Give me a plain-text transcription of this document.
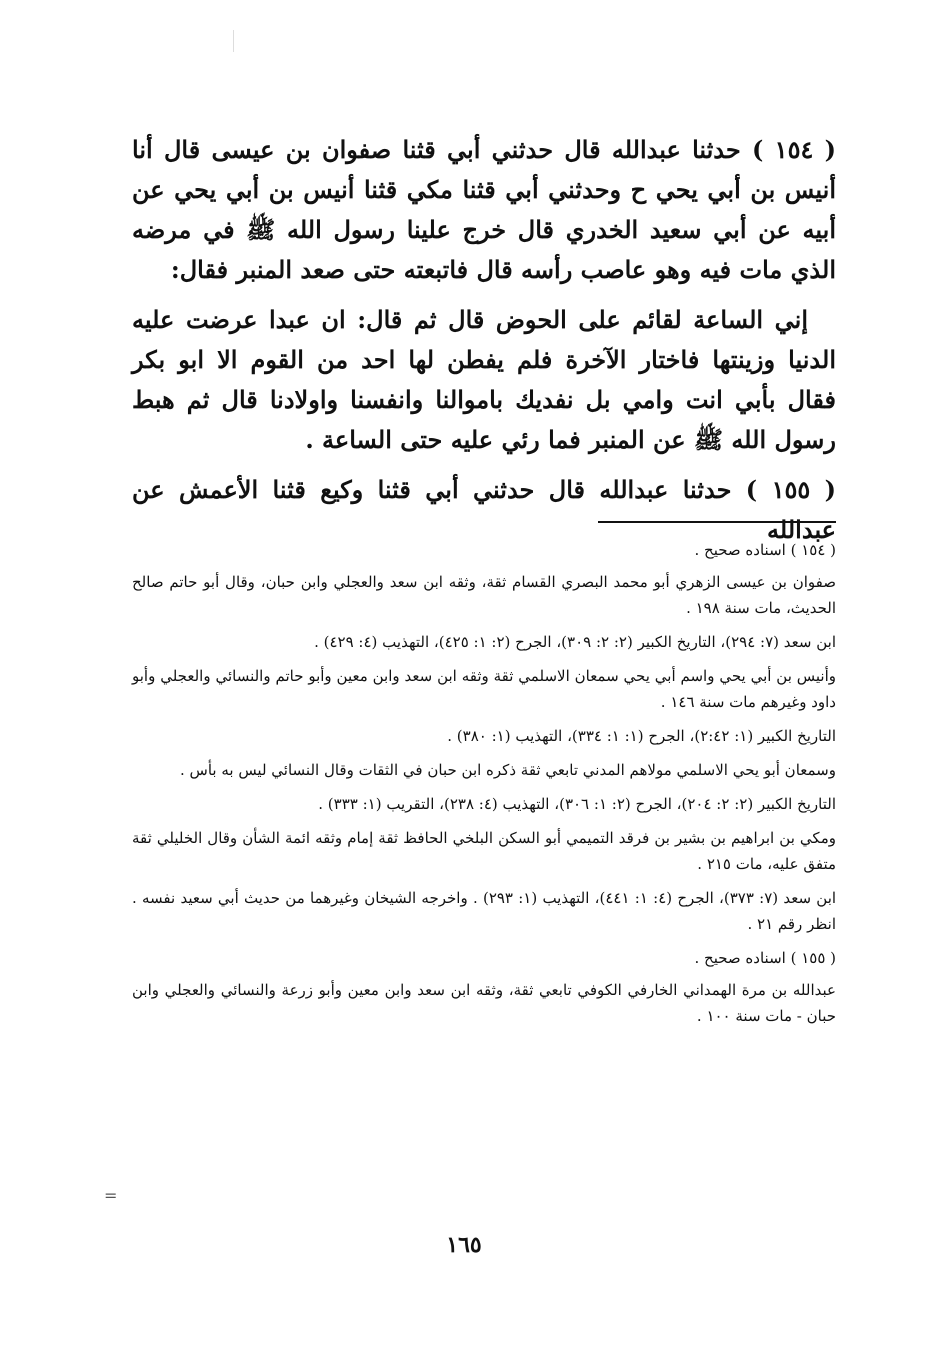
( ١٥٤ ) حدثنا عبدالله قال حدثني أبي قثنا صفوان بن عيسى قال أنا أنيس بن أبي يحي ح وحدثني أبي قثنا مكي قثنا أنيس بن أبي يحي عن أبيه عن أبي سعيد الخدري قال خرج علينا رسول الله ﷺ في مرضه الذي مات فيه وهو عاصب رأسه قال فاتبعته حتى صعد المنبر فقال:

إني الساعة لقائم على الحوض قال ثم قال: ان عبدا عرضت عليه الدنيا وزينتها فاختار الآخرة فلم يفطن لها احد من القوم الا ابو بكر فقال بأبي انت وامي بل نفديك باموالنا وانفسنا واولادنا قال ثم هبط رسول الله ﷺ عن المنبر فما رئي عليه حتى الساعة .

( ١٥٥ ) حدثنا عبدالله قال حدثني أبي قثنا وكيع قثنا الأعمش عن عبدالله

( ١٥٤ ) اسناده صحيح .

صفوان بن عيسى الزهري أبو محمد البصري القسام ثقة، وثقه ابن سعد والعجلي وابن حبان، وقال أبو حاتم صالح الحديث، مات سنة ١٩٨ .

ابن سعد (٧: ٢٩٤)، التاريخ الكبير (٢: ٢: ٣٠٩)، الجرح (٢: ١: ٤٢٥)، التهذيب (٤: ٤٢٩) .

وأنيس بن أبي يحي واسم أبي يحي سمعان الاسلمي ثقة وثقه ابن سعد وابن معين وأبو حاتم والنسائي والعجلي وأبو داود وغيرهم مات سنة ١٤٦ .

التاريخ الكبير (١: ٢:٤٢)، الجرح (١: ١: ٣٣٤)، التهذيب (١: ٣٨٠) .

وسمعان أبو يحي الاسلمي مولاهم المدني تابعي ثقة ذكره ابن حبان في الثقات وقال النسائي ليس به بأس .

التاريخ الكبير (٢: ٢: ٢٠٤)، الجرح (٢: ١: ٣٠٦)، التهذيب (٤: ٢٣٨)، التقريب (١: ٣٣٣) .

ومكي بن ابراهيم بن بشير بن فرقد التميمي أبو السكن البلخي الحافظ ثقة إمام وثقه ائمة الشأن وقال الخليلي ثقة متفق عليه، مات ٢١٥ .

ابن سعد (٧: ٣٧٣)، الجرح (٤: ١: ٤٤١)، التهذيب (١: ٢٩٣) . واخرجه الشيخان وغيرهما من حديث أبي سعيد نفسه . انظر رقم ٢١ .

( ١٥٥ ) اسناده صحيح .

عبدالله بن مرة الهمداني الخارفي الكوفي تابعي ثقة، وثقه ابن سعد وابن معين وأبو زرعة والنسائي والعجلي وابن حبان - مات سنة ١٠٠ .

=
١٦٥
